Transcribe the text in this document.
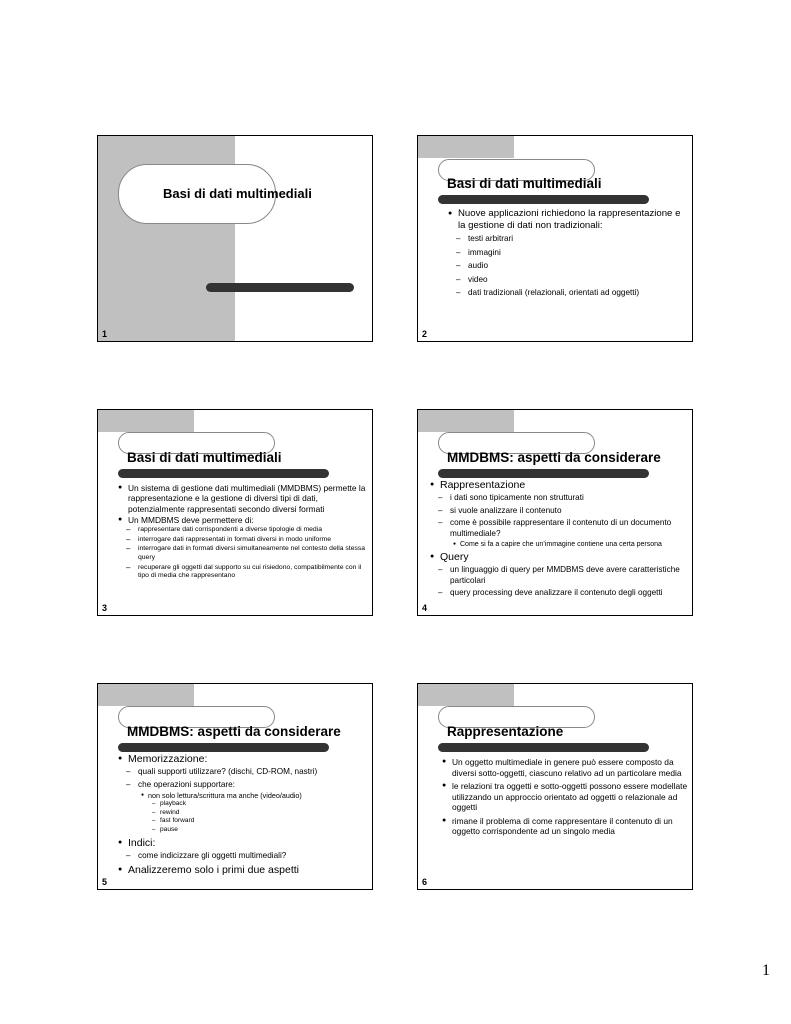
Basi di dati multimediali
1
Basi di dati multimediali
● Nuove applicazioni richiedono la rappresentazione e la gestione di dati non tradizionali:
– testi arbitrari
– immagini
– audio
– video
– dati tradizionali (relazionali, orientati ad oggetti)
2
Basi di dati multimediali
● Un sistema di gestione dati multimediali (MMDBMS) permette la rappresentazione e la gestione di diversi tipi di dati, potenzialmente rappresentati secondo diversi formati
● Un MMDBMS deve permettere di:
– rappresentare dati corrispondenti a diverse tipologie di media
– interrogare dati rappresentati in formati diversi in modo uniforme
– interrogare dati in formati diversi simultaneamente nel contesto della stessa query
– recuperare gli oggetti dal supporto su cui risiedono, compatibilmente con il tipo di media che rappresentano
3
MMDBMS: aspetti da considerare
● Rappresentazione
– i dati sono tipicamente non strutturati
– si vuole analizzare il contenuto
– come è possibile rappresentare il contenuto di un documento multimediale?
● Come si fa a capire che un’immagine contiene una certa persona
● Query
– un linguaggio di query per MMDBMS deve avere caratteristiche particolari
– query processing deve analizzare il contenuto degli oggetti
4
MMDBMS: aspetti da considerare
● Memorizzazione:
– quali supporti utilizzare? (dischi, CD-ROM, nastri)
– che operazioni supportare:
● non solo lettura/scrittura ma anche (video/audio)
– playback
– rewind
– fast forward
– pause
● Indici:
– come indicizzare gli oggetti multimediali?
● Analizzeremo solo i primi due aspetti
5
Rappresentazione
● Un oggetto multimediale in genere può essere composto da diversi sotto-oggetti, ciascuno relativo ad un particolare media
● le relazioni tra oggetti e sotto-oggetti possono essere modellate utilizzando un approccio orientato ad oggetti o relazionale ad oggetti
● rimane il problema di come rappresentare il contenuto di un oggetto corrispondente ad un singolo media
6
1
